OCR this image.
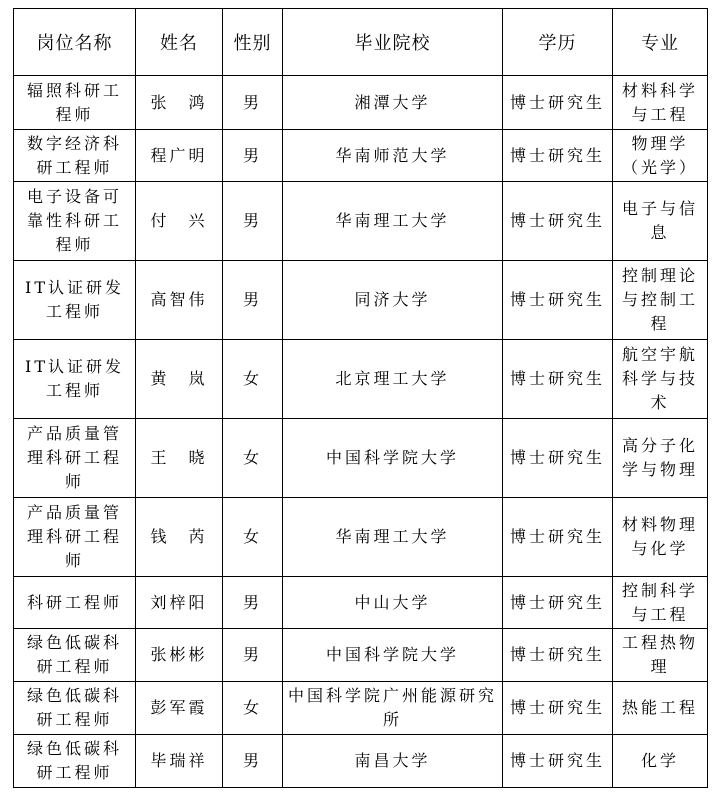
岗位名称	姓名	性别	毕业院校	学历	专业
辐照科研工程师	张　鸿	男	湘潭大学	博士研究生	材料科学与工程
数字经济科研工程师	程广明	男	华南师范大学	博士研究生	物理学（光学）
电子设备可靠性科研工程师	付　兴	男	华南理工大学	博士研究生	电子与信息
IT认证研发工程师	高智伟	男	同济大学	博士研究生	控制理论与控制工程
IT认证研发工程师	黄　岚	女	北京理工大学	博士研究生	航空宇航科学与技术
产品质量管理科研工程师	王　晓	女	中国科学院大学	博士研究生	高分子化学与物理
产品质量管理科研工程师	钱　芮	女	华南理工大学	博士研究生	材料物理与化学
科研工程师	刘梓阳	男	中山大学	博士研究生	控制科学与工程
绿色低碳科研工程师	张彬彬	男	中国科学院大学	博士研究生	工程热物理
绿色低碳科研工程师	彭军霞	女	中国科学院广州能源研究所	博士研究生	热能工程
绿色低碳科研工程师	毕瑞祥	男	南昌大学	博士研究生	化学
